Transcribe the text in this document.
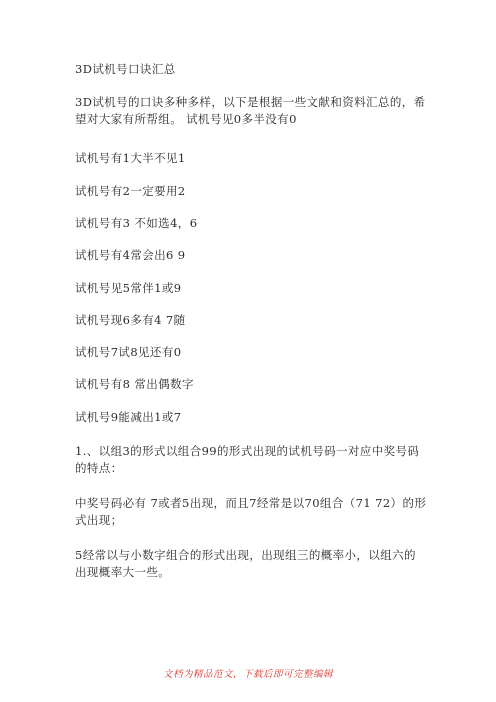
3D试机号口诀汇总
3D试机号的口诀多种多样，以下是根据一些文献和资料汇总的，希望对大家有所帮组。 试机号见0多半没有0
试机号有1大半不见1
试机号有2一定要用2
试机号有3 不如选4，6
试机号有4常会出6 9
试机号见5常伴1或9
试机号现6多有4 7随
试机号7试8见还有0
试机号有8 常出偶数字
试机号9能减出1或7
1.、以组3的形式以组合99的形式出现的试机号码一对应中奖号码的特点：
中奖号码必有 7或者5出现，而且7经常是以70组合（71 72）的形式出现；
5经常以与小数字组合的形式出现，出现组三的概率小，以组六的出现概率大一些。
文档为精品范文，下载后即可完整编辑
